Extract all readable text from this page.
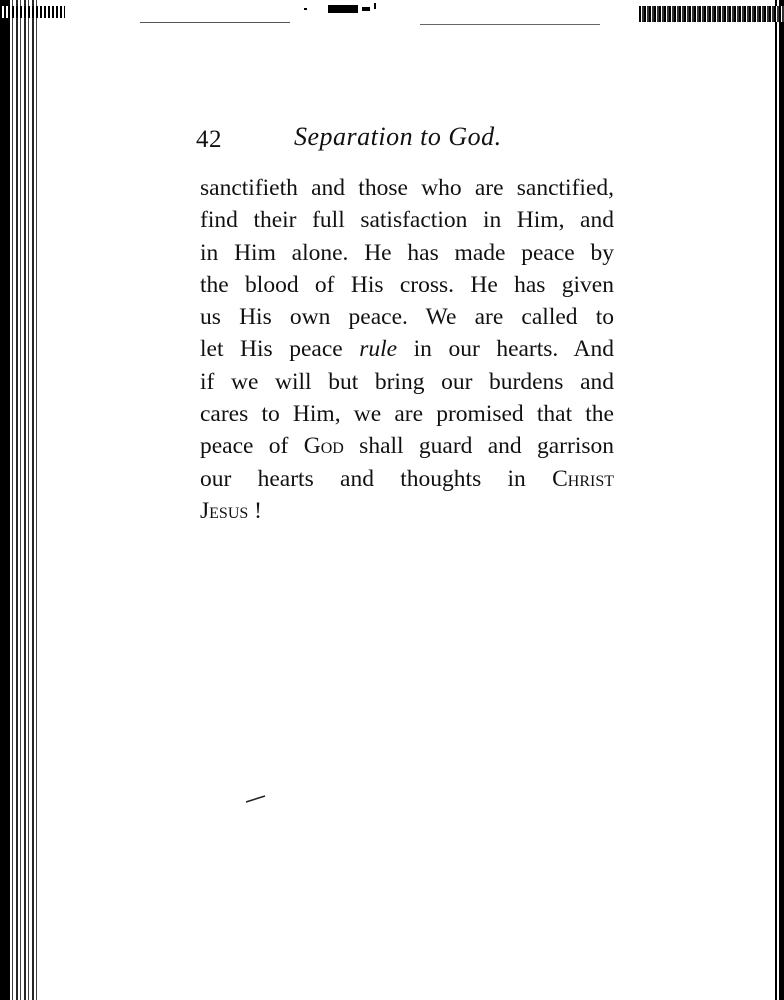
42	Separation to God.
sanctifieth and those who are sanctified,
find their full satisfaction in Him, and
in Him alone. He has made peace by
the blood of His cross. He has given
us His own peace. We are called to
let His peace rule in our hearts. And
if we will but bring our burdens and
cares to Him, we are promised that the
peace of God shall guard and garrison
our hearts and thoughts in Christ
Jesus !
